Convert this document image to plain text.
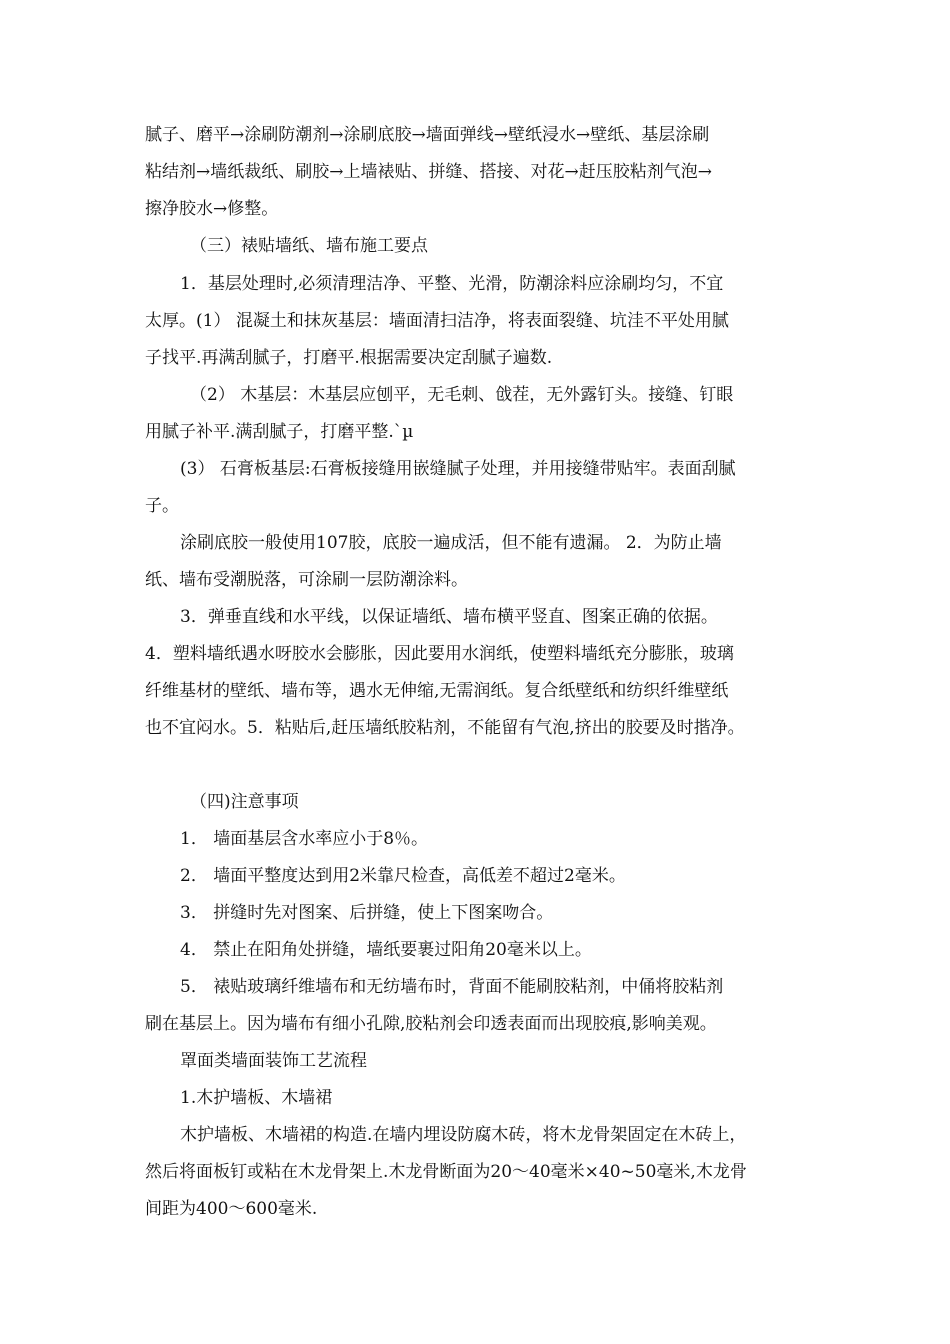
腻子、磨平→涂刷防潮剂→涂刷底胶→墙面弹线→壁纸浸水→壁纸、基层涂刷
粘结剂→墙纸裁纸、刷胶→上墙裱贴、拼缝、搭接、对花→赶压胶粘剂气泡→
擦净胶水→修整。
（三）裱贴墙纸、墙布施工要点
1．基层处理时,必须清理洁净、平整、光滑，防潮涂料应涂刷均匀，不宜
太厚。(1） 混凝土和抹灰基层：墙面清扫洁净，将表面裂缝、坑洼不平处用腻
子找平.再满刮腻子，打磨平.根据需要决定刮腻子遍数.
（2） 木基层：木基层应刨平，无毛刺、戗茬，无外露钉头。接缝、钉眼
用腻子补平.满刮腻子，打磨平整.`µ
(3） 石膏板基层:石膏板接缝用嵌缝腻子处理，并用接缝带贴牢。表面刮腻
子。
涂刷底胶一般使用107胶，底胶一遍成活，但不能有遗漏。 2．为防止墙
纸、墙布受潮脱落，可涂刷一层防潮涂料。
3．弹垂直线和水平线，以保证墙纸、墙布横平竖直、图案正确的依据。
4．塑料墙纸遇水呀胶水会膨胀，因此要用水润纸，使塑料墙纸充分膨胀，玻璃
纤维基材的壁纸、墙布等，遇水无伸缩,无需润纸。复合纸壁纸和纺织纤维壁纸
也不宜闷水。5．粘贴后,赶压墙纸胶粘剂，不能留有气泡,挤出的胶要及时揩净。
（四)注意事项
1． 墙面基层含水率应小于8％。
2． 墙面平整度达到用2米靠尺检查，高低差不超过2毫米。
3． 拼缝时先对图案、后拼缝，使上下图案吻合。
4． 禁止在阳角处拼缝，墙纸要裹过阳角20毫米以上。
5． 裱贴玻璃纤维墙布和无纺墙布时，背面不能刷胶粘剂，中俑将胶粘剂
刷在基层上。因为墙布有细小孔隙,胶粘剂会印透表面而出现胶痕,影响美观。
罩面类墙面装饰工艺流程
1.木护墙板、木墙裙
木护墙板、木墙裙的构造.在墙内埋设防腐木砖，将木龙骨架固定在木砖上，
然后将面板钉或粘在木龙骨架上.木龙骨断面为20～40毫米×40~50毫米,木龙骨
间距为400～600毫米.
